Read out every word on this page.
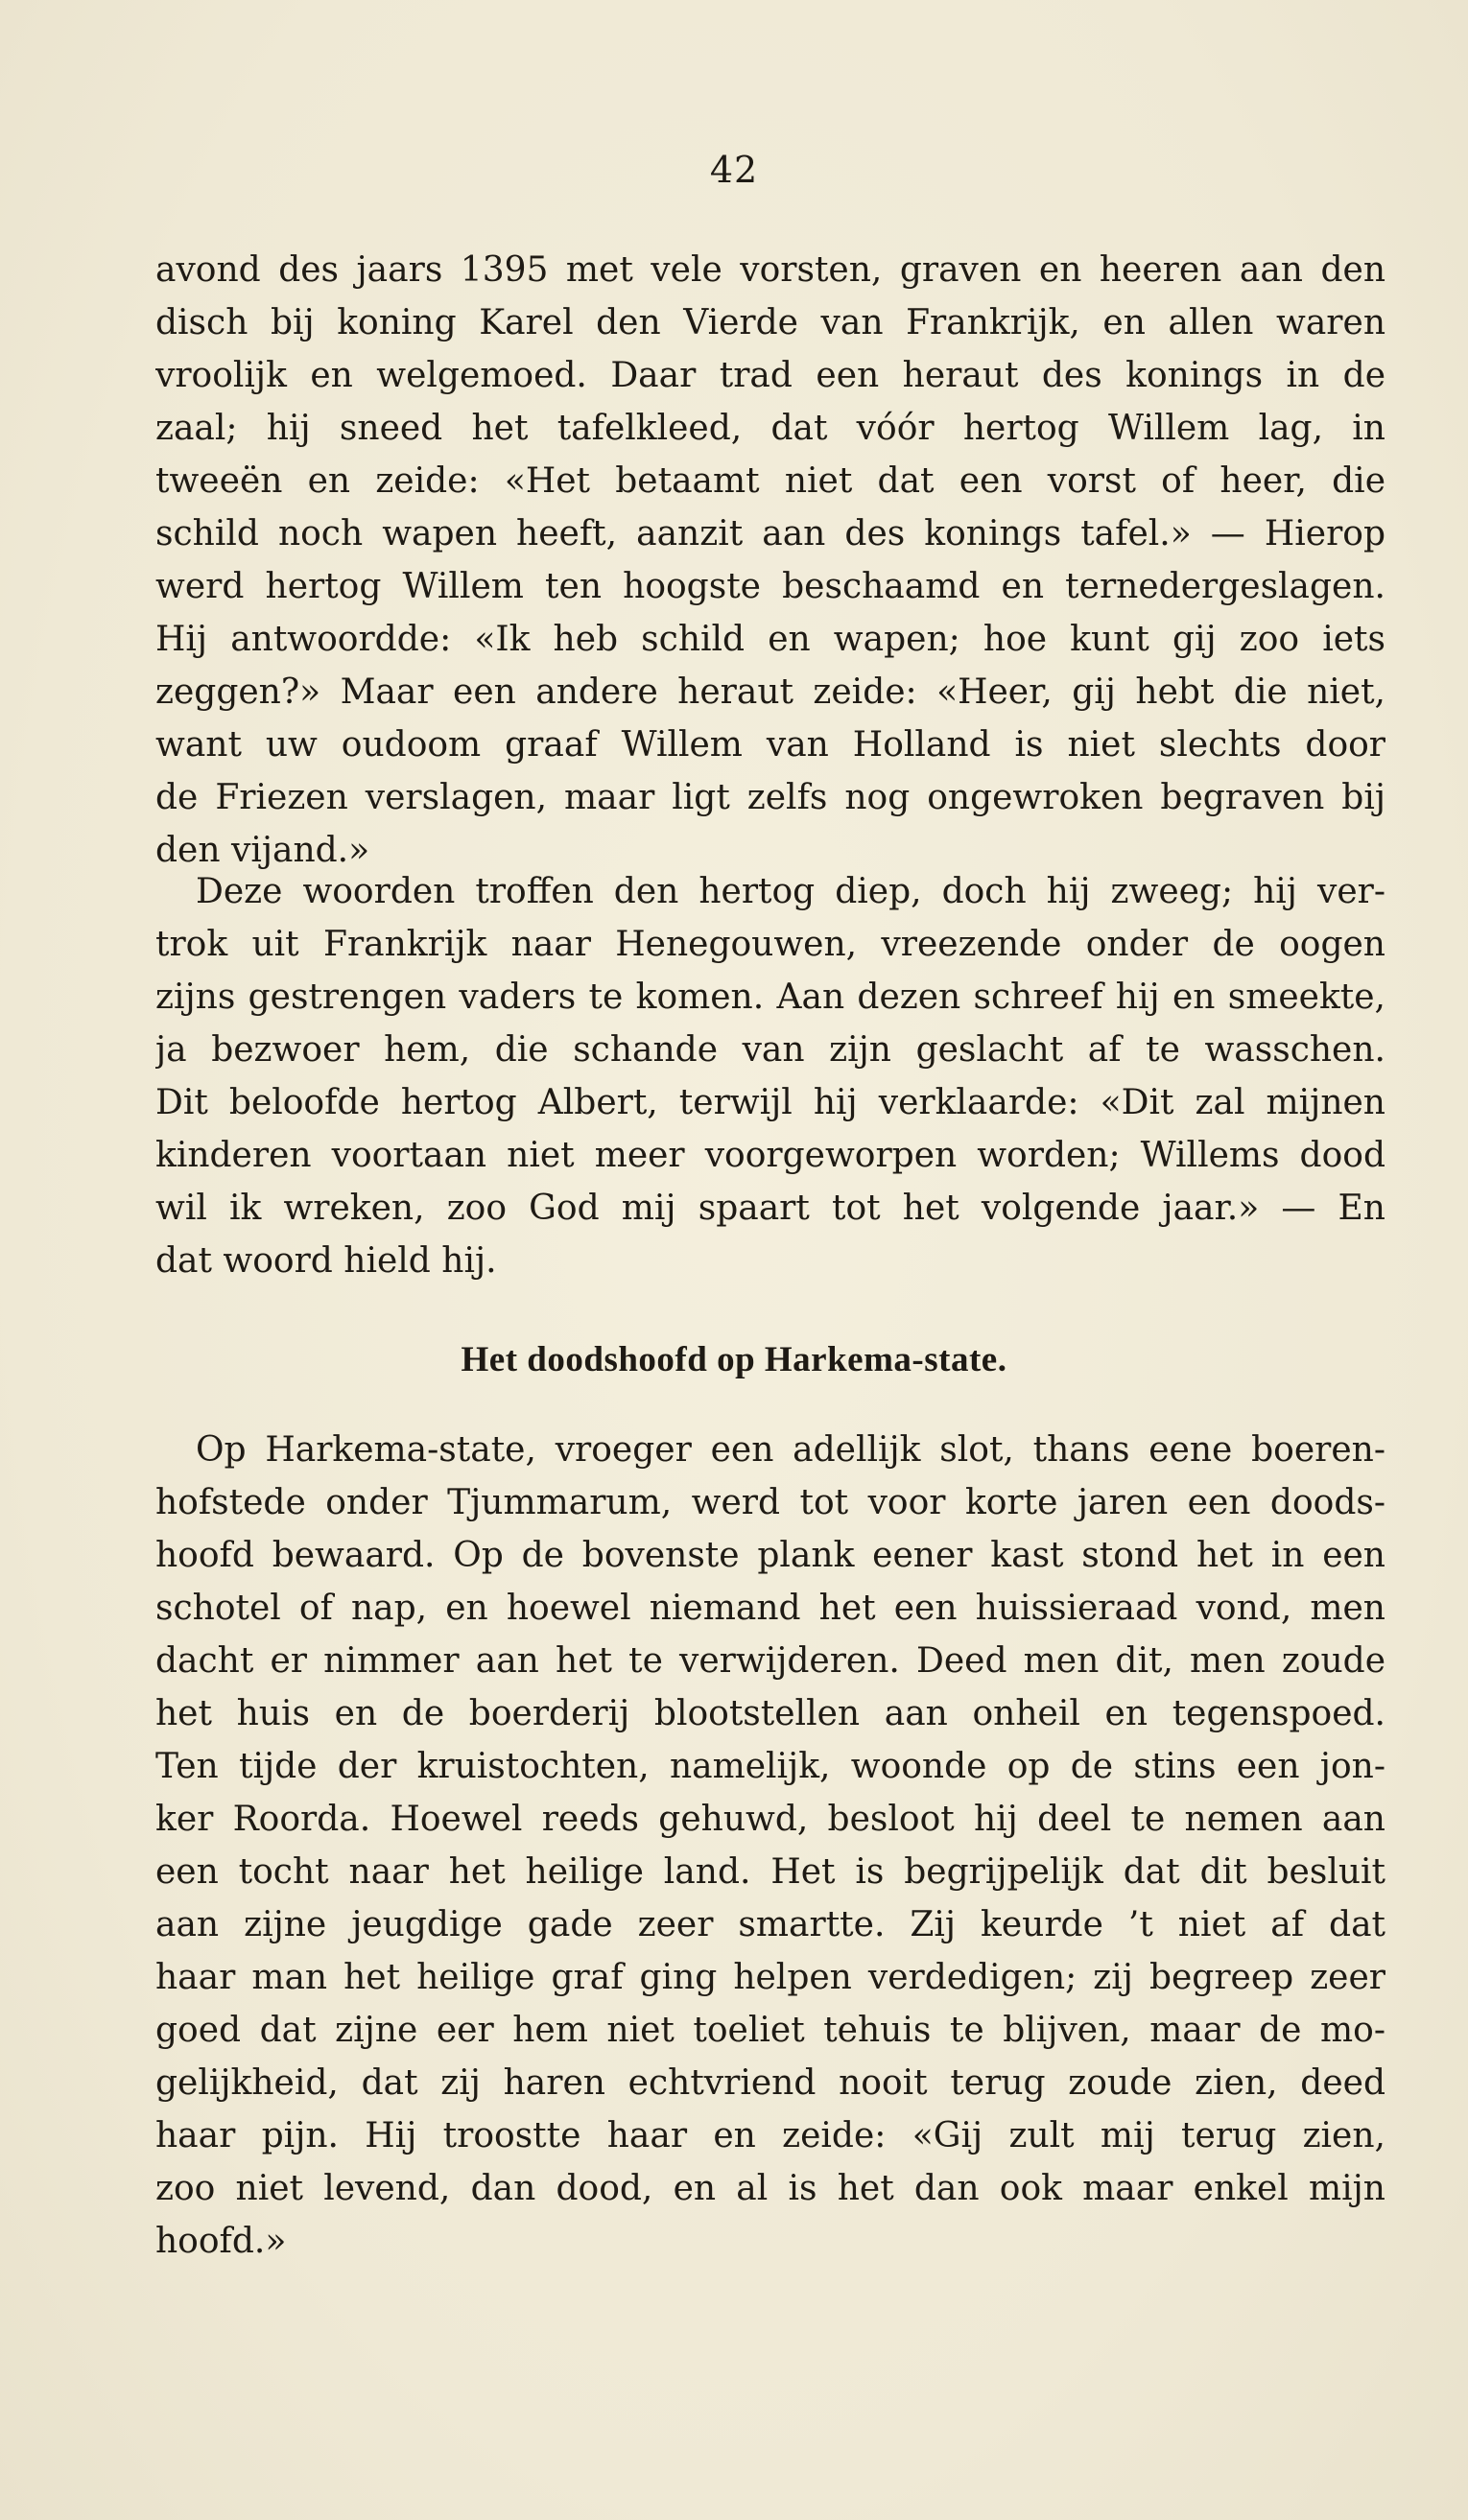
42
avond des jaars 1395 met vele vorsten, graven en heeren aan den
disch bij koning Karel den Vierde van Frankrijk, en allen waren
vroolijk en welgemoed. Daar trad een heraut des konings in de
zaal; hij sneed het tafelkleed, dat vóór hertog Willem lag, in
tweeën en zeide: «Het betaamt niet dat een vorst of heer, die
schild noch wapen heeft, aanzit aan des konings tafel.» — Hierop
werd hertog Willem ten hoogste beschaamd en ternedergeslagen.
Hij antwoordde: «Ik heb schild en wapen; hoe kunt gij zoo iets
zeggen?» Maar een andere heraut zeide: «Heer, gij hebt die niet,
want uw oudoom graaf Willem van Holland is niet slechts door
de Friezen verslagen, maar ligt zelfs nog ongewroken begraven bij
den vijand.»
Deze woorden troffen den hertog diep, doch hij zweeg; hij ver-
trok uit Frankrijk naar Henegouwen, vreezende onder de oogen
zijns gestrengen vaders te komen. Aan dezen schreef hij en smeekte,
ja bezwoer hem, die schande van zijn geslacht af te wasschen.
Dit beloofde hertog Albert, terwijl hij verklaarde: «Dit zal mijnen
kinderen voortaan niet meer voorgeworpen worden; Willems dood
wil ik wreken, zoo God mij spaart tot het volgende jaar.» — En
dat woord hield hij.
Het doodshoofd op Harkema-state.
Op Harkema-state, vroeger een adellijk slot, thans eene boeren-
hofstede onder Tjummarum, werd tot voor korte jaren een doods-
hoofd bewaard. Op de bovenste plank eener kast stond het in een
schotel of nap, en hoewel niemand het een huissieraad vond, men
dacht er nimmer aan het te verwijderen. Deed men dit, men zoude
het huis en de boerderij blootstellen aan onheil en tegenspoed.
Ten tijde der kruistochten, namelijk, woonde op de stins een jon-
ker Roorda. Hoewel reeds gehuwd, besloot hij deel te nemen aan
een tocht naar het heilige land. Het is begrijpelijk dat dit besluit
aan zijne jeugdige gade zeer smartte. Zij keurde ’t niet af dat
haar man het heilige graf ging helpen verdedigen; zij begreep zeer
goed dat zijne eer hem niet toeliet tehuis te blijven, maar de mo-
gelijkheid, dat zij haren echtvriend nooit terug zoude zien, deed
haar pijn. Hij troostte haar en zeide: «Gij zult mij terug zien,
zoo niet levend, dan dood, en al is het dan ook maar enkel mijn
hoofd.»
